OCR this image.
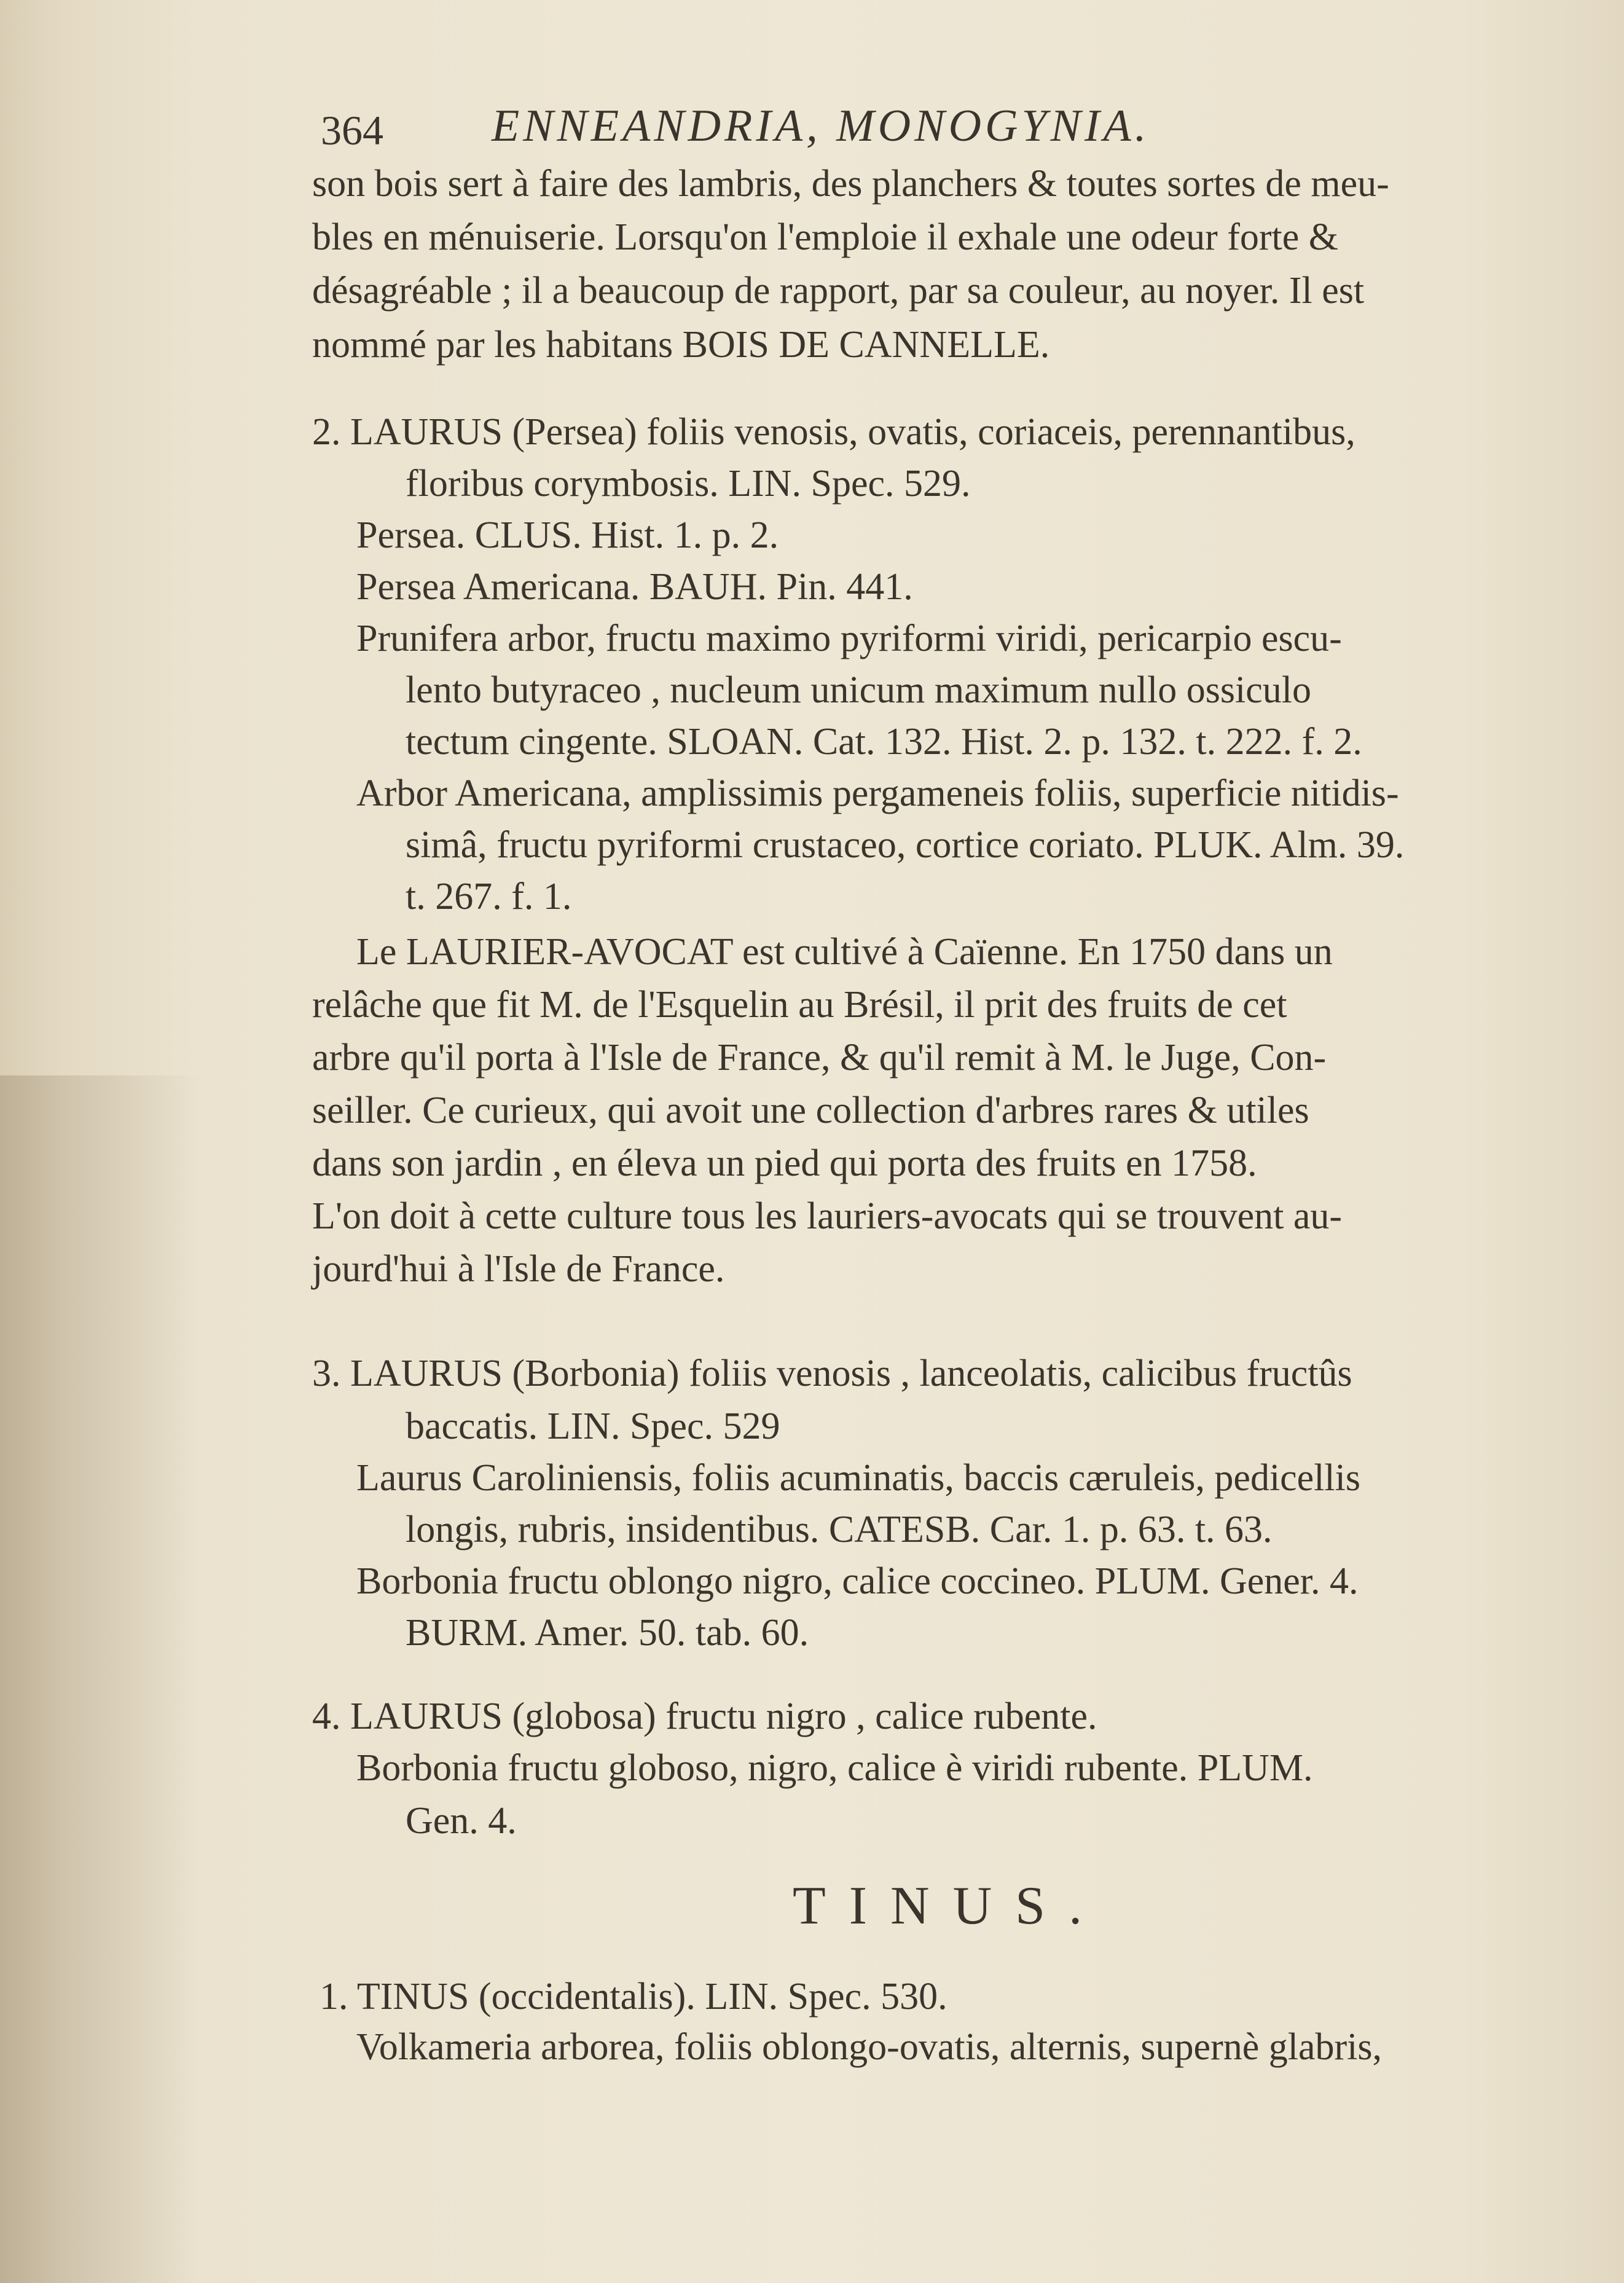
364 ENNEANDRIA, MONOGYNIA.
son bois sert à faire des lambris, des planchers & toutes sortes de meu-
bles en ménuiserie. Lorsqu'on l'emploie il exhale une odeur forte &
désagréable ; il a beaucoup de rapport, par sa couleur, au noyer. Il est
nommé par les habitans BOIS DE CANNELLE.
2. LAURUS (Persea) foliis venosis, ovatis, coriaceis, perennantibus,
floribus corymbosis. LIN. Spec. 529.
Persea. CLUS. Hist. 1. p. 2.
Persea Americana. BAUH. Pin. 441.
Prunifera arbor, fructu maximo pyriformi viridi, pericarpio escu-
lento butyraceo , nucleum unicum maximum nullo ossiculo
tectum cingente. SLOAN. Cat. 132. Hist. 2. p. 132. t. 222. f. 2.
Arbor Americana, amplissimis pergameneis foliis, superficie nitidis-
simâ, fructu pyriformi crustaceo, cortice coriato. PLUK. Alm. 39.
t. 267. f. 1.
Le LAURIER-AVOCAT est cultivé à Caïenne. En 1750 dans un
relâche que fit M. de l'Esquelin au Brésil, il prit des fruits de cet
arbre qu'il porta à l'Isle de France, & qu'il remit à M. le Juge, Con-
seiller. Ce curieux, qui avoit une collection d'arbres rares & utiles
dans son jardin , en éleva un pied qui porta des fruits en 1758.
L'on doit à cette culture tous les lauriers-avocats qui se trouvent au-
jourd'hui à l'Isle de France.
3. LAURUS (Borbonia) foliis venosis , lanceolatis, calicibus fructûs
baccatis. LIN. Spec. 529
Laurus Caroliniensis, foliis acuminatis, baccis cæruleis, pedicellis
longis, rubris, insidentibus. CATESB. Car. 1. p. 63. t. 63.
Borbonia fructu oblongo nigro, calice coccineo. PLUM. Gener. 4.
BURM. Amer. 50. tab. 60.
4. LAURUS (globosa) fructu nigro , calice rubente.
Borbonia fructu globoso, nigro, calice è viridi rubente. PLUM.
Gen. 4.
TINUS.
1. TINUS (occidentalis). LIN. Spec. 530.
Volkameria arborea, foliis oblongo-ovatis, alternis, supernè glabris,
